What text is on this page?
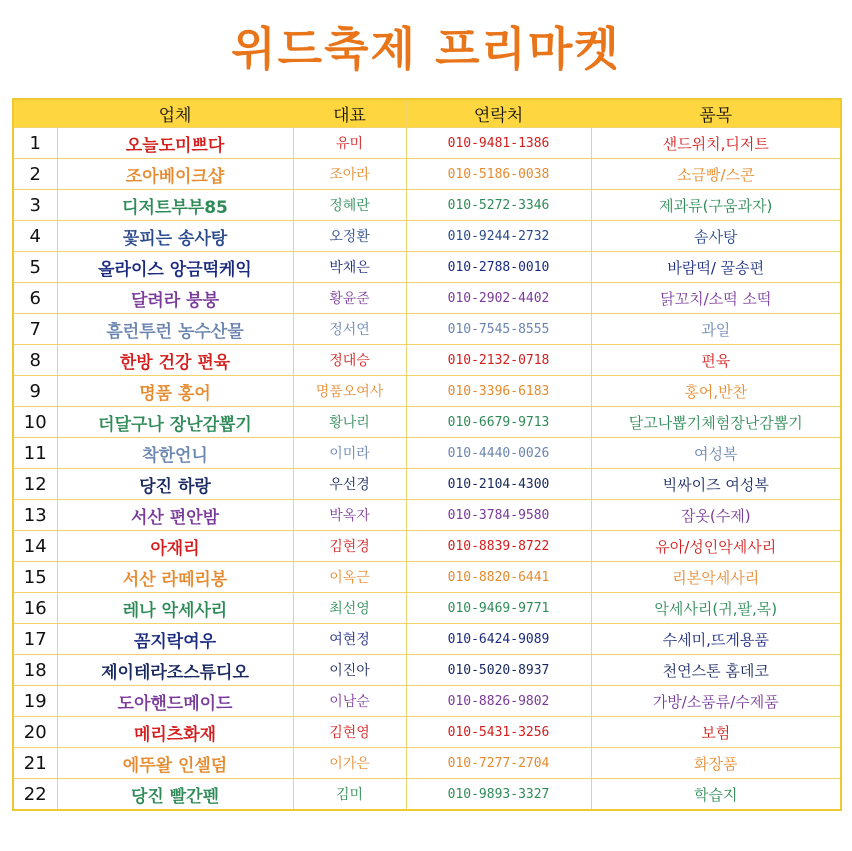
위드축제 프리마켓
	업체	대표	연락처	품목
1	오늘도미쁘다	유미	010-9481-1386	샌드위치,디저트
2	조아베이크샵	조아라	010-5186-0038	소금빵/스콘
3	디저트부부85	정혜란	010-5272-3346	제과류(구움과자)
4	꽃피는 송사탕	오정환	010-9244-2732	솜사탕
5	올라이스 앙금떡케익	박채은	010-2788-0010	바람떡/ 꿀송편
6	달려라 붕붕	황윤준	010-2902-4402	닭꼬치/소떡 소떡
7	흠런투런 농수산물	정서연	010-7545-8555	과일
8	한방 건강 편육	정대승	010-2132-0718	편육
9	명품 홍어	명품오여사	010-3396-6183	홍어,반찬
10	더달구나 장난감뽑기	황나리	010-6679-9713	달고나뽑기체험장난감뽑기
11	착한언니	이미라	010-4440-0026	여성복
12	당진 하랑	우선경	010-2104-4300	빅싸이즈 여성복
13	서산 편안밤	박옥자	010-3784-9580	잠옷(수제)
14	아재리	김현경	010-8839-8722	유아/성인악세사리
15	서산 라떼리봉	이옥근	010-8820-6441	리본악세사리
16	레나 악세사리	최선영	010-9469-9771	악세사리(귀,팔,목)
17	꼼지락여우	여현정	010-6424-9089	수세미,뜨게용품
18	제이테라조스튜디오	이진아	010-5020-8937	천연스톤 홈데코
19	도아핸드메이드	이남순	010-8826-9802	가방/소품류/수제품
20	메리츠화재	김현영	010-5431-3256	보험
21	에뚜왈 인셀덤	이가은	010-7277-2704	화장품
22	당진 빨간펜	김미	010-9893-3327	학습지
